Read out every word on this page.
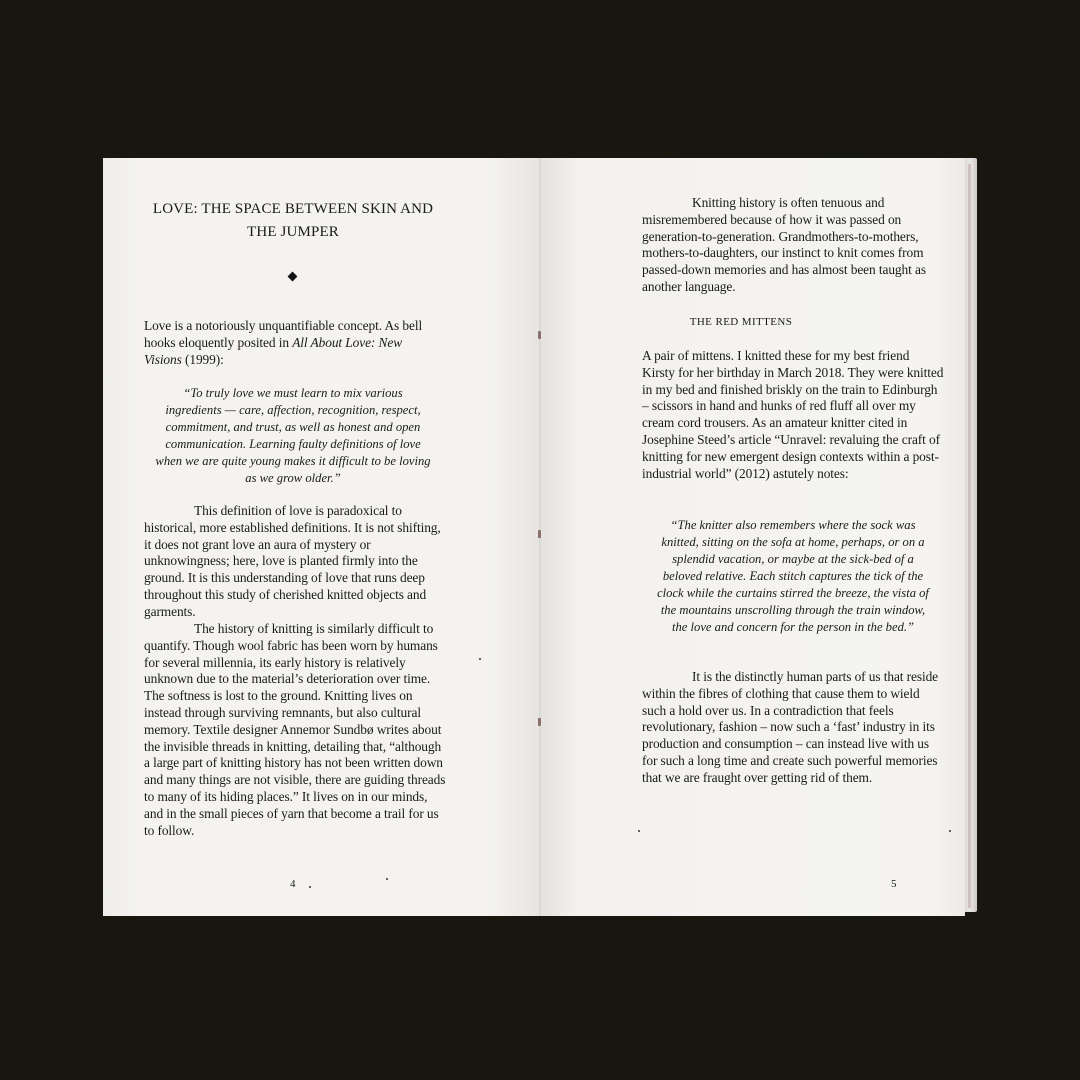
LOVE: THE SPACE BETWEEN SKIN AND THE JUMPER
Love is a notoriously unquantifiable concept. As bell hooks eloquently posited in All About Love: New Visions (1999):
“To truly love we must learn to mix various ingredients — care, affection, recognition, respect, commitment, and trust, as well as honest and open communication. Learning faulty definitions of love when we are quite young makes it difficult to be loving as we grow older.”
This definition of love is paradoxical to historical, more established definitions. It is not shifting, it does not grant love an aura of mystery or unknowingness; here, love is planted firmly into the ground. It is this understanding of love that runs deep throughout this study of cherished knitted objects and garments.
The history of knitting is similarly difficult to quantify. Though wool fabric has been worn by humans for several millennia, its early history is relatively unknown due to the material’s deterioration over time. The softness is lost to the ground. Knitting lives on instead through surviving remnants, but also cultural memory. Textile designer Annemor Sundbø writes about the invisible threads in knitting, detailing that, “although a large part of knitting history has not been written down and many things are not visible, there are guiding threads to many of its hiding places.” It lives on in our minds, and in the small pieces of yarn that become a trail for us to follow.
4
Knitting history is often tenuous and misremembered because of how it was passed on generation-to-generation. Grandmothers-to-mothers, mothers-to-daughters, our instinct to knit comes from passed-down memories and has almost been taught as another language.
THE RED MITTENS
A pair of mittens. I knitted these for my best friend Kirsty for her birthday in March 2018. They were knitted in my bed and finished briskly on the train to Edinburgh – scissors in hand and hunks of red fluff all over my cream cord trousers. As an amateur knitter cited in Josephine Steed’s article “Unravel: revaluing the craft of knitting for new emergent design contexts within a post-industrial world” (2012) astutely notes:
“The knitter also remembers where the sock was knitted, sitting on the sofa at home, perhaps, or on a splendid vacation, or maybe at the sick-bed of a beloved relative. Each stitch captures the tick of the clock while the curtains stirred the breeze, the vista of the mountains unscrolling through the train window, the love and concern for the person in the bed.”
It is the distinctly human parts of us that reside within the fibres of clothing that cause them to wield such a hold over us. In a contradiction that feels revolutionary, fashion – now such a ‘fast’ industry in its production and consumption – can instead live with us for such a long time and create such powerful memories that we are fraught over getting rid of them.
5
